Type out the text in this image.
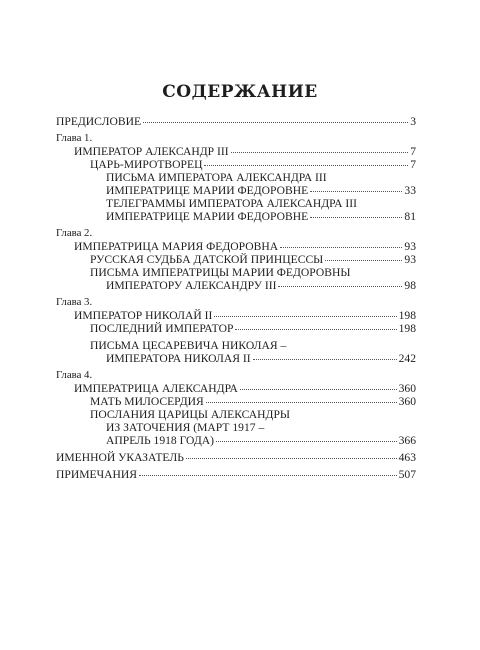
СОДЕРЖАНИЕ
ПРЕДИСЛОВИЕ	3
Глава 1.
ИМПЕРАТОР АЛЕКСАНДР III	7
ЦАРЬ-МИРОТВОРЕЦ	7
ПИСЬМА ИМПЕРАТОРА АЛЕКСАНДРА III
ИМПЕРАТРИЦЕ МАРИИ ФЕДОРОВНЕ	33
ТЕЛЕГРАММЫ ИМПЕРАТОРА АЛЕКСАНДРА III
ИМПЕРАТРИЦЕ МАРИИ ФЕДОРОВНЕ	81
Глава 2.
ИМПЕРАТРИЦА МАРИЯ ФЕДОРОВНА	93
РУССКАЯ СУДЬБА ДАТСКОЙ ПРИНЦЕССЫ	93
ПИСЬМА ИМПЕРАТРИЦЫ МАРИИ ФЕДОРОВНЫ
ИМПЕРАТОРУ АЛЕКСАНДРУ III	98
Глава 3.
ИМПЕРАТОР НИКОЛАЙ II	198
ПОСЛЕДНИЙ ИМПЕРАТОР	198
ПИСЬМА ЦЕСАРЕВИЧА НИКОЛАЯ –
ИМПЕРАТОРА НИКОЛАЯ II	242
Глава 4.
ИМПЕРАТРИЦА АЛЕКСАНДРА	360
МАТЬ МИЛОСЕРДИЯ	360
ПОСЛАНИЯ ЦАРИЦЫ АЛЕКСАНДРЫ
ИЗ ЗАТОЧЕНИЯ (МАРТ 1917 –
АПРЕЛЬ 1918 ГОДА)	366
ИМЕННОЙ УКАЗАТЕЛЬ	463
ПРИМЕЧАНИЯ	507
